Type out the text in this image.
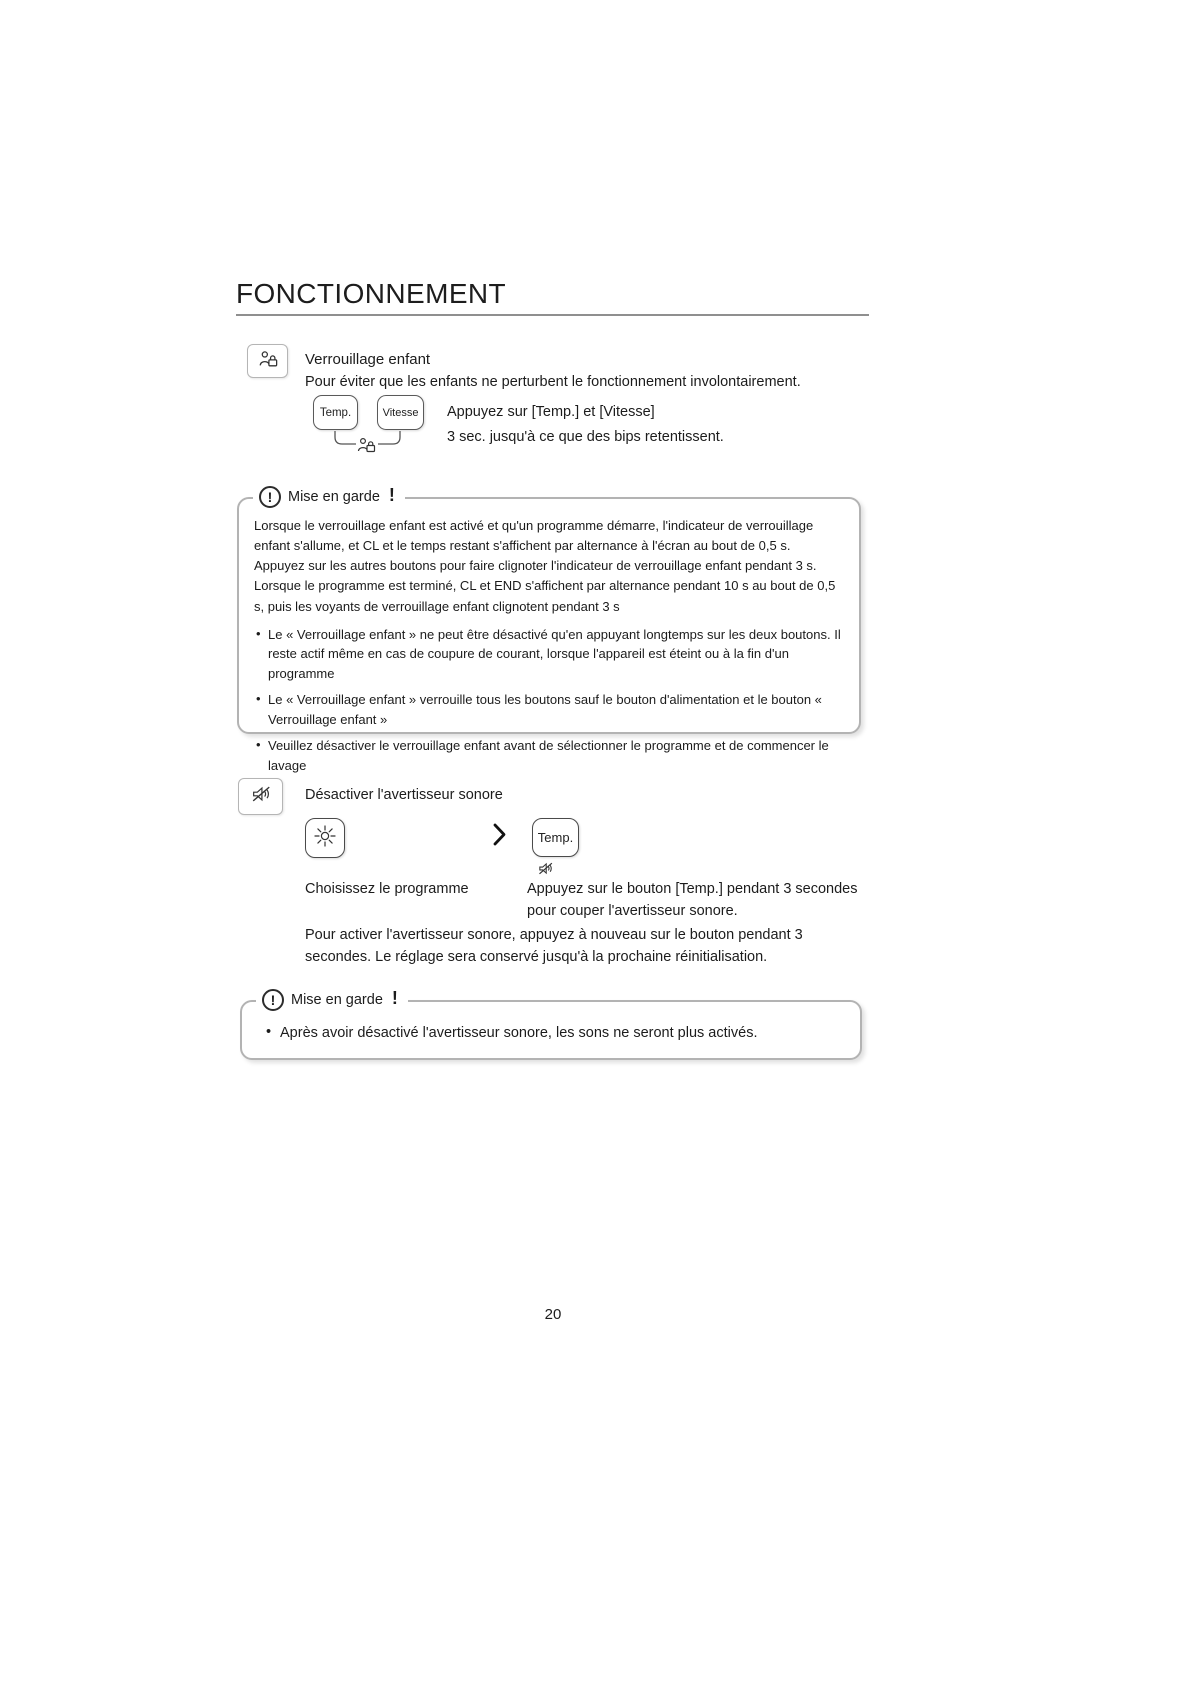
FONCTIONNEMENT
Verrouillage enfant
Pour éviter que les enfants ne perturbent le fonctionnement involontairement.
Temp.	Vitesse	Appuyez sur [Temp.] et [Vitesse]
3 sec. jusqu'à ce que des bips retentissent.
!	Mise en garde !
Lorsque le verrouillage enfant est activé et qu'un programme démarre, l'indicateur de verrouillage enfant s'allume, et CL et le temps restant s'affichent par alternance à l'écran au bout de 0,5 s. Appuyez sur les autres boutons pour faire clignoter l'indicateur de verrouillage enfant pendant 3 s. Lorsque le programme est terminé, CL et END s'affichent par alternance pendant 10 s au bout de 0,5 s, puis les voyants de verrouillage enfant clignotent pendant 3 s
• Le « Verrouillage enfant » ne peut être désactivé qu'en appuyant longtemps sur les deux boutons. Il reste actif même en cas de coupure de courant, lorsque l'appareil est éteint ou à la fin d'un programme
• Le « Verrouillage enfant » verrouille tous les boutons sauf le bouton d'alimentation et le bouton « Verrouillage enfant »
• Veuillez désactiver le verrouillage enfant avant de sélectionner le programme et de commencer le lavage
Désactiver l'avertisseur sonore
Temp.
Choisissez le programme	Appuyez sur le bouton [Temp.] pendant 3 secondes
pour couper l'avertisseur sonore.
Pour activer l'avertisseur sonore, appuyez à nouveau sur le bouton pendant 3 secondes. Le réglage sera conservé jusqu'à la prochaine réinitialisation.
!	Mise en garde !
• Après avoir désactivé l'avertisseur sonore, les sons ne seront plus activés.
20
